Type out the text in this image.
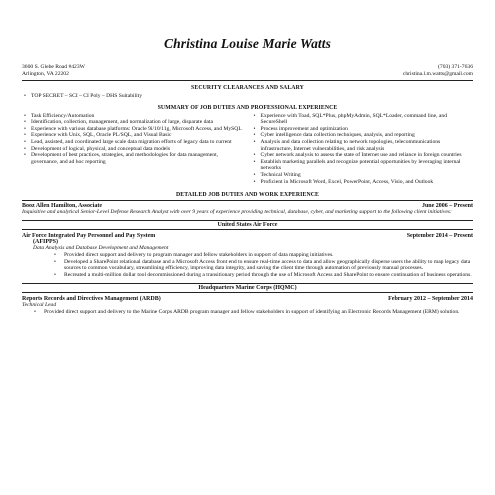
Christina Louise Marie Watts
3600 S. Glebe Road #423W
Arlington, VA 22202
(703) 371-7636
christina.l.m.watts@gmail.com
SECURITY CLEARANCES AND SALARY
• TOP SECRET – SCI – CI Poly – DHS Suitability
SUMMARY OF JOB DUTIES AND PROFESSIONAL EXPERIENCE
• Task Efficiency/Automation
• Identification, collection, management, and normalization of large, disparate data
• Experience with various database platforms: Oracle 9i/10/11g, Microsoft Access, and MySQL
• Experience with Unix, SQL, Oracle PL/SQL, and Visual Basic
• Lead, assisted, and coordinated large scale data migration efforts of legacy data to current
• Development of logical, physical, and conceptual data models
• Development of best practices, strategies, and methodologies for data management, governance, and ad hoc reporting
• Experience with Toad, SQL*Plus, phpMyAdmin, SQL*Loader, command line, and SecureShell
• Process improvement and optimization
• Cyber intelligence data collection techniques, analysis, and reporting
• Analysis and data collection relating to network topologies, telecommunications infrastructure, Internet vulnerabilities, and risk analysis
• Cyber network analysis to assess the state of Internet use and reliance in foreign countries
• Establish marketing parallels and recognize potential opportunities by leveraging internal networks
• Technical Writing
• Proficient in Microsoft Word, Excel, PowerPoint, Access, Visio, and Outlook
DETAILED JOB DUTIES AND WORK EXPERIENCE
Booz Allen Hamilton, Associate	June 2006 – Present
Inquisitive and analytical Senior-Level Defense Research Analyst with over 9 years of experience providing technical, database, cyber, and marketing support to the following client initiatives:
United States Air Force
Air Force Integrated Pay Personnel and Pay System	September 2014 – Present
(AFIPPS)
Data Analysis and Database Development and Management
• Provided direct support and delivery to program manager and fellow stakeholders in support of data mapping initiatives.
• Developed a SharePoint relational database and a Microsoft Access front end to ensure real-time access to data and allow geographically disperse users the ability to map legacy data sources to common vocabulary, streamlining efficiency, improving data integrity, and saving the client time through automation of previously manual processes.
• Recreated a multi-million dollar tool decommissioned during a transitionary period through the use of Microsoft Access and SharePoint to ensure continuation of business operations.
Headquarters Marine Corps (HQMC)
Reports Records and Directives Management (ARDB)	February 2012 – September 2014
Technical Lead
• Provided direct support and delivery to the Marine Corps ARDB program manager and fellow stakeholders in support of identifying an Electronic Records Management (ERM) solution.
